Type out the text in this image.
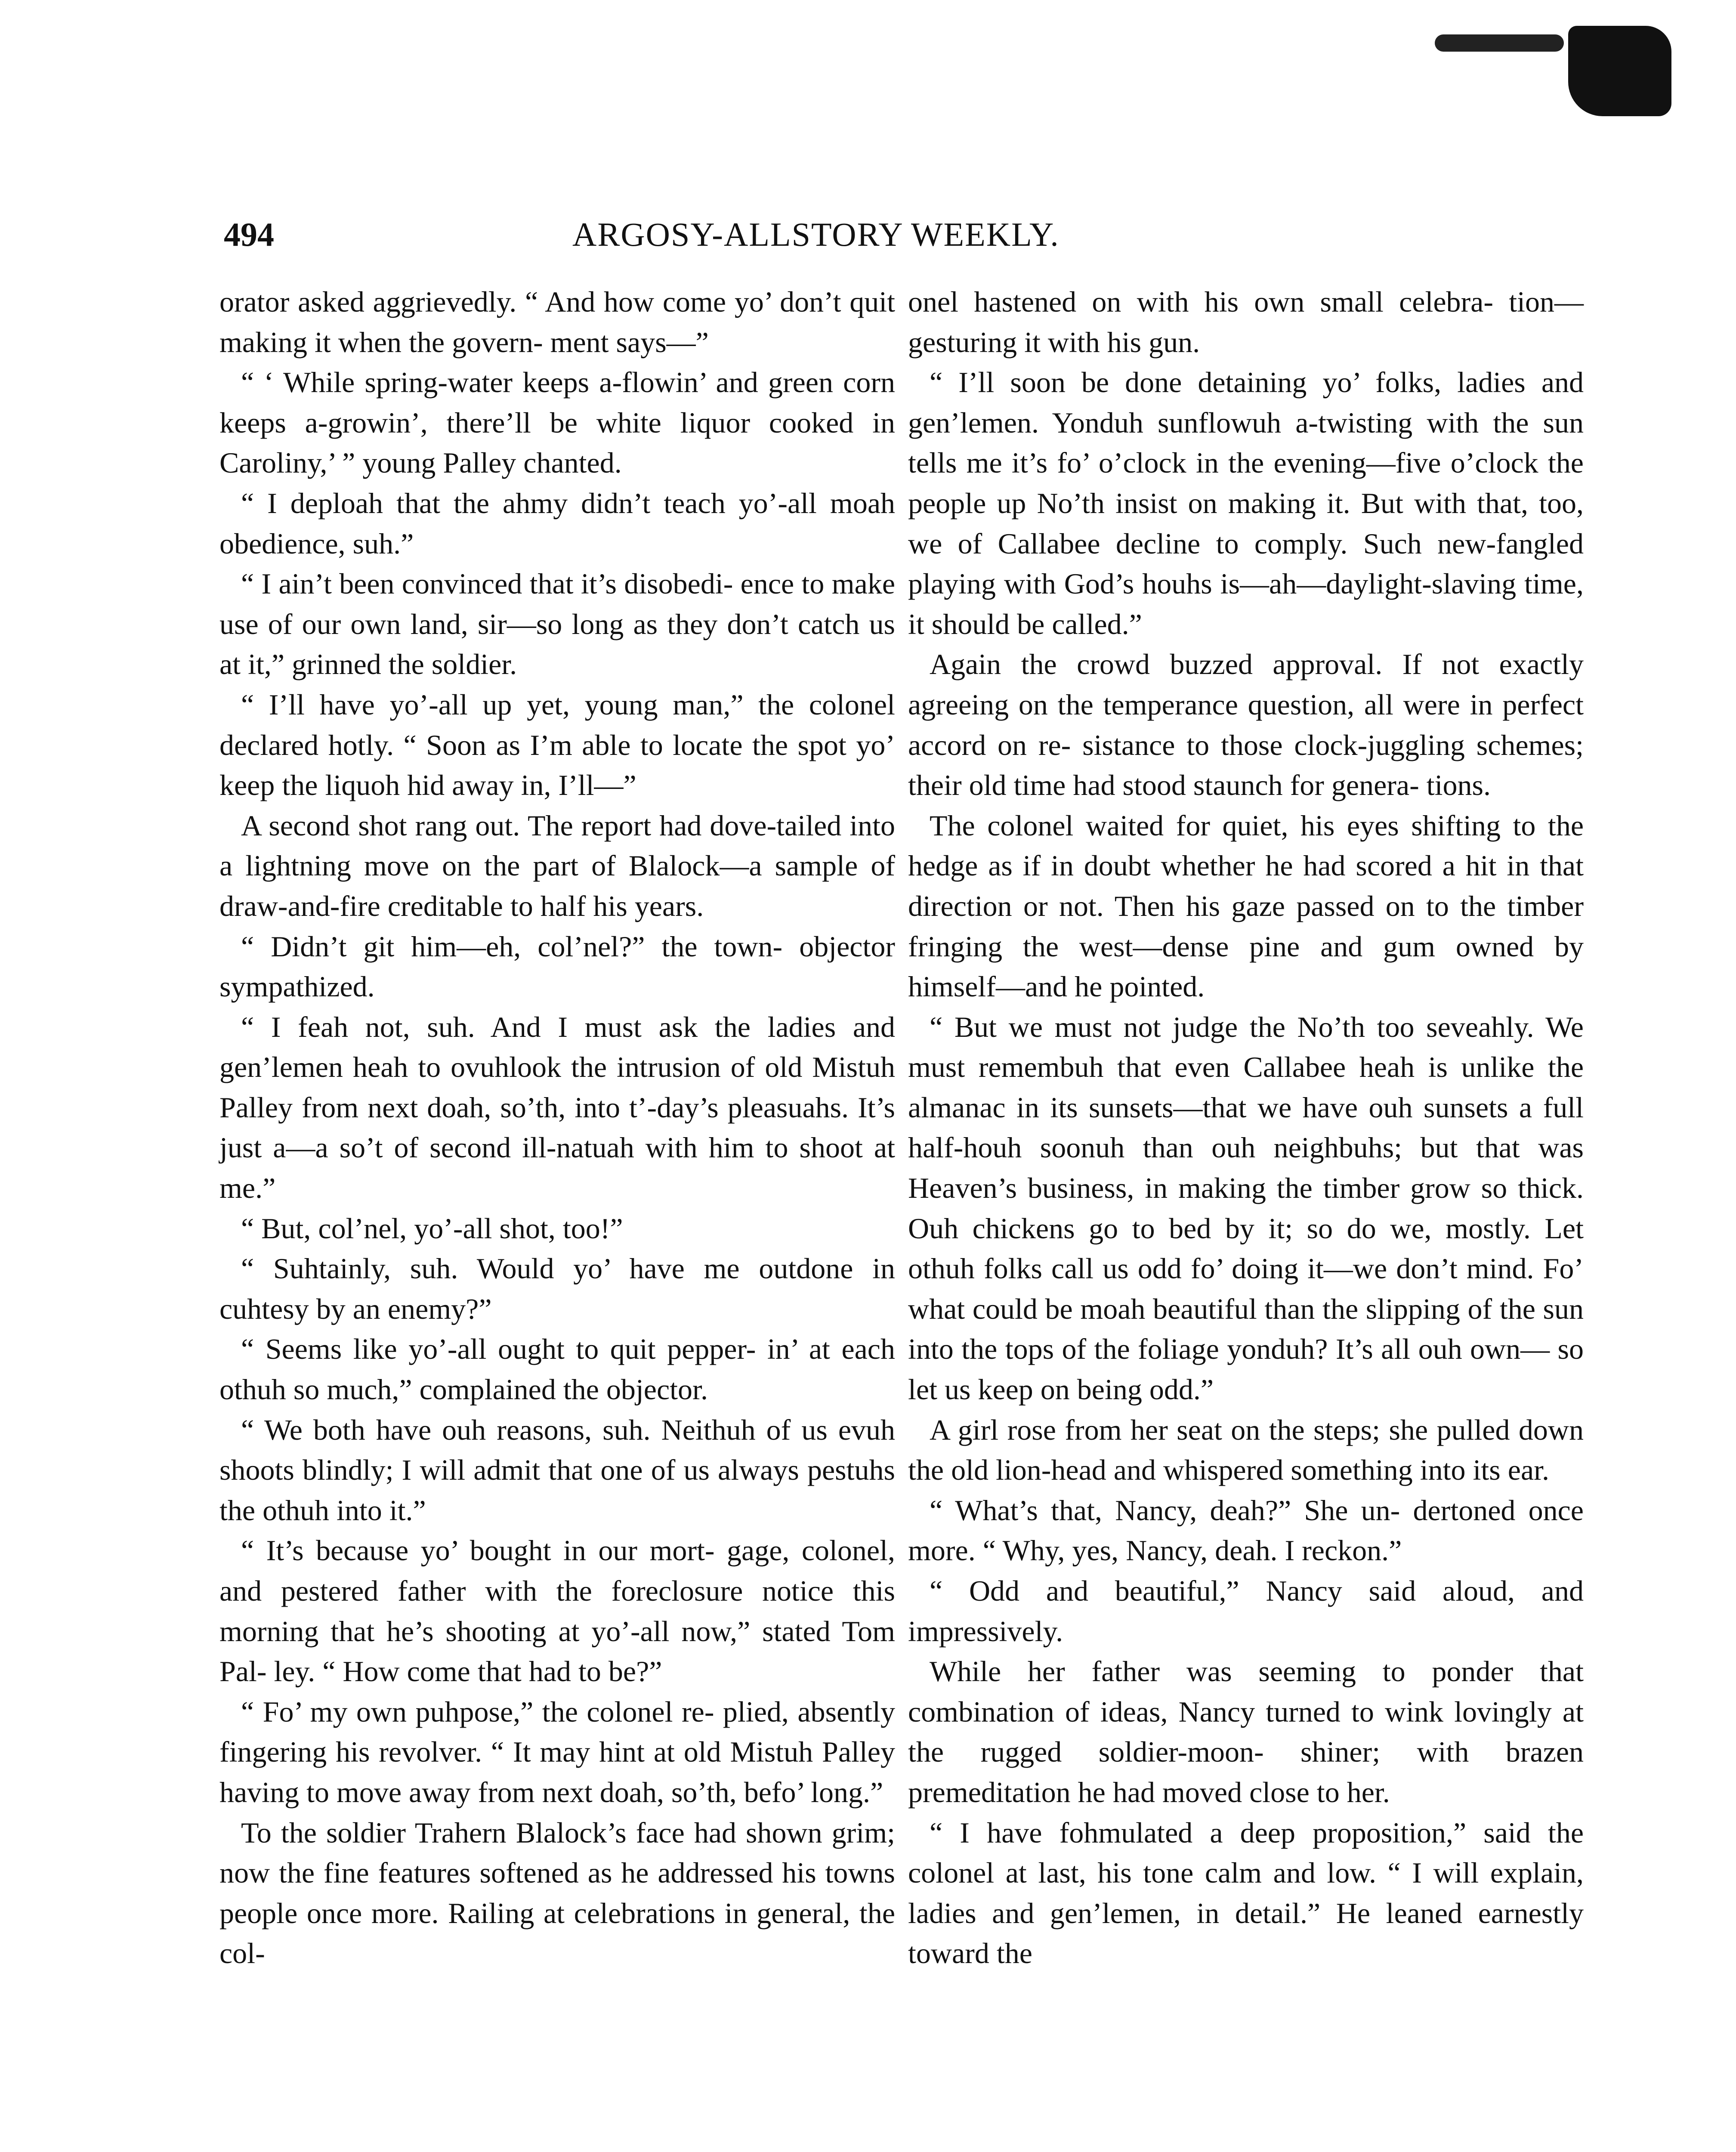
494	ARGOSY-ALLSTORY WEEKLY.

orator asked aggrievedly. “ And how come yo’ don’t quit making it when the govern- ment says—”

“ ‘ While spring-water keeps a-flowin’ and green corn keeps a-growin’, there’ll be white liquor cooked in Caroliny,’ ” young Palley chanted.

“ I deploah that the ahmy didn’t teach yo’-all moah obedience, suh.”

“ I ain’t been convinced that it’s disobedi- ence to make use of our own land, sir—so long as they don’t catch us at it,” grinned the soldier.

“ I’ll have yo’-all up yet, young man,” the colonel declared hotly. “ Soon as I’m able to locate the spot yo’ keep the liquoh hid away in, I’ll—”

A second shot rang out. The report had dove-tailed into a lightning move on the part of Blalock—a sample of draw-and-fire creditable to half his years.

“ Didn’t git him—eh, col’nel?” the town- objector sympathized.

“ I feah not, suh. And I must ask the ladies and gen’lemen heah to ovuhlook the intrusion of old Mistuh Palley from next doah, so’th, into t’-day’s pleasuahs. It’s just a—a so’t of second ill-natuah with him to shoot at me.”

“ But, col’nel, yo’-all shot, too!”

“ Suhtainly, suh. Would yo’ have me outdone in cuhtesy by an enemy?”

“ Seems like yo’-all ought to quit pepper- in’ at each othuh so much,” complained the objector.

“ We both have ouh reasons, suh. Neithuh of us evuh shoots blindly; I will admit that one of us always pestuhs the othuh into it.”

“ It’s because yo’ bought in our mort- gage, colonel, and pestered father with the foreclosure notice this morning that he’s shooting at yo’-all now,” stated Tom Pal- ley. “ How come that had to be?”

“ Fo’ my own puhpose,” the colonel re- plied, absently fingering his revolver. “ It may hint at old Mistuh Palley having to move away from next doah, so’th, befo’ long.”

To the soldier Trahern Blalock’s face had shown grim; now the fine features softened as he addressed his towns people once more. Railing at celebrations in general, the col-

onel hastened on with his own small celebra- tion—gesturing it with his gun.

“ I’ll soon be done detaining yo’ folks, ladies and gen’lemen. Yonduh sunflowuh a-twisting with the sun tells me it’s fo’ o’clock in the evening—five o’clock the people up No’th insist on making it. But with that, too, we of Callabee decline to comply. Such new-fangled playing with God’s houhs is—ah—daylight-slaving time, it should be called.”

Again the crowd buzzed approval. If not exactly agreeing on the temperance question, all were in perfect accord on re- sistance to those clock-juggling schemes; their old time had stood staunch for genera- tions.

The colonel waited for quiet, his eyes shifting to the hedge as if in doubt whether he had scored a hit in that direction or not. Then his gaze passed on to the timber fringing the west—dense pine and gum owned by himself—and he pointed.

“ But we must not judge the No’th too seveahly. We must remembuh that even Callabee heah is unlike the almanac in its sunsets—that we have ouh sunsets a full half-houh soonuh than ouh neighbuhs; but that was Heaven’s business, in making the timber grow so thick. Ouh chickens go to bed by it; so do we, mostly. Let othuh folks call us odd fo’ doing it—we don’t mind. Fo’ what could be moah beautiful than the slipping of the sun into the tops of the foliage yonduh? It’s all ouh own— so let us keep on being odd.”

A girl rose from her seat on the steps; she pulled down the old lion-head and whispered something into its ear.

“ What’s that, Nancy, deah?” She un- dertoned once more. “ Why, yes, Nancy, deah. I reckon.”

“ Odd and beautiful,” Nancy said aloud, and impressively.

While her father was seeming to ponder that combination of ideas, Nancy turned to wink lovingly at the rugged soldier-moon- shiner; with brazen premeditation he had moved close to her.

“ I have fohmulated a deep proposition,” said the colonel at last, his tone calm and low. “ I will explain, ladies and gen’lemen, in detail.” He leaned earnestly toward the
